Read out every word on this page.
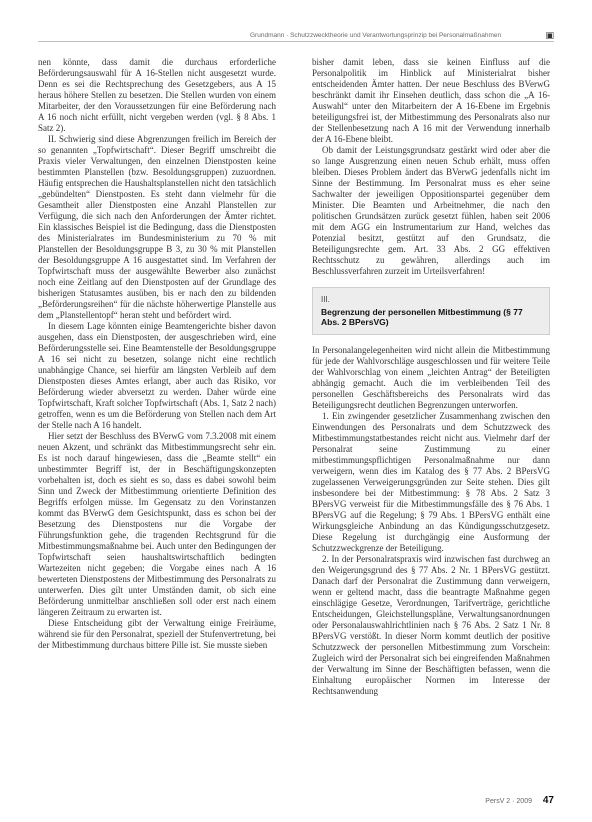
Grundmann · Schutzzwecktheorie und Verantwortungsprinzip bei Personalmaßnahmen	▣

nen könnte, dass damit die durchaus erforderliche Beförderungsauswahl für A 16-Stellen nicht ausgesetzt wurde. Denn es sei die Rechtsprechung des Gesetzgebers, aus A 15 heraus höhere Stellen zu besetzen. Die Stellen wurden von einem Mitarbeiter, der den Voraussetzungen für eine Beförderung nach A 16 noch nicht erfüllt, nicht vergeben werden (vgl. § 8 Abs. 1 Satz 2).

II. Schwierig sind diese Abgrenzungen freilich im Bereich der so genannten „Topfwirtschaft“. Dieser Begriff umschreibt die Praxis vieler Verwaltungen, den einzelnen Dienstposten keine bestimmten Planstellen (bzw. Besoldungsgruppen) zuzuordnen. Häufig entsprechen die Haushaltsplanstellen nicht den tatsächlich „gebündelten“ Dienstposten. Es steht dann vielmehr für die Gesamtheit aller Dienstposten eine Anzahl Planstellen zur Verfügung, die sich nach den Anforderungen der Ämter richtet. Ein klassisches Beispiel ist die Bedingung, dass die Dienstposten des Ministerialrates im Bundesministerium zu 70 % mit Planstellen der Besoldungsgruppe B 3, zu 30 % mit Planstellen der Besoldungsgruppe A 16 ausgestattet sind. Im Verfahren der Topfwirtschaft muss der ausgewählte Bewerber also zunächst noch eine Zeitlang auf den Dienstposten auf der Grundlage des bisherigen Statusamtes ausüben, bis er nach den zu bildenden „Beförderungsreihen“ für die nächste höherwertige Planstelle aus dem „Planstellentopf“ heran steht und befördert wird.

In diesem Lage könnten einige Beamtengerichte bisher davon ausgehen, dass ein Dienstposten, der ausgeschrieben wird, eine Beförderungsstelle sei. Eine Beamtenstelle der Besoldungsgruppe A 16 sei nicht zu besetzen, solange nicht eine rechtlich unabhängige Chance, sei hierfür am längsten Verbleib auf dem Dienstposten dieses Amtes erlangt, aber auch das Risiko, vor Beförderung wieder abversetzt zu werden. Daher würde eine Topfwirtschaft, Kraft solcher Topfwirtschaft (Abs. 1, Satz 2 nach) getroffen, wenn es um die Beförderung von Stellen nach dem Art der Stelle nach A 16 handelt.

Hier setzt der Beschluss des BVerwG vom 7.3.2008 mit einem neuen Akzent, und schränkt das Mitbestimmungsrecht sehr ein. Es ist noch darauf hingewiesen, dass die „Beamte stellt“ ein unbestimmter Begriff ist, der in Beschäftigungskonzepten vorbehalten ist, doch es sieht es so, dass es dabei sowohl beim Sinn und Zweck der Mitbestimmung orientierte Definition des Begriffs erfolgen müsse. Im Gegensatz zu den Vorinstanzen kommt das BVerwG dem Gesichtspunkt, dass es schon bei der Besetzung des Dienstpostens nur die Vorgabe der Führungsfunktion gehe, die tragenden Rechtsgrund für die Mitbestimmungsmaßnahme bei. Auch unter den Bedingungen der Topfwirtschaft seien haushaltswirtschaftlich bedingten Wartezeiten nicht gegeben; die Vorgabe eines nach A 16 bewerteten Dienstpostens der Mitbestimmung des Personalrats zu unterwerfen. Dies gilt unter Umständen damit, ob sich eine Beförderung unmittelbar anschließen soll oder erst nach einem längeren Zeitraum zu erwarten ist.

Diese Entscheidung gibt der Verwaltung einige Freiräume, während sie für den Personalrat, speziell der Stufenvertretung, bei der Mitbestimmung durchaus bittere Pille ist. Sie musste sieben

bisher damit leben, dass sie keinen Einfluss auf die Personalpolitik im Hinblick auf Ministerialrat bisher entscheidenden Ämter hatten. Der neue Beschluss des BVerwG beschränkt damit ihr Einsehen deutlich, dass schon die „A 16-Auswahl“ unter den Mitarbeitern der A 16-Ebene im Ergebnis beteiligungsfrei ist, der Mitbestimmung des Personalrats also nur der Stellenbesetzung nach A 16 mit der Verwendung innerhalb der A 16-Ebene bleibt.

Ob damit der Leistungsgrundsatz gestärkt wird oder aber die so lange Ausgrenzung einen neuen Schub erhält, muss offen bleiben. Dieses Problem ändert das BVerwG jedenfalls nicht im Sinne der Bestimmung. Im Personalrat muss es eher seine Sachwalter der jeweiligen Oppositionspartei gegenüber dem Minister. Die Beamten und Arbeitnehmer, die nach den politischen Grundsätzen zurück gesetzt fühlen, haben seit 2006 mit dem AGG ein Instrumentarium zur Hand, welches das Potenzial besitzt, gestützt auf den Grundsatz, die Beteiligungsrechte gem. Art. 33 Abs. 2 GG effektiven Rechtsschutz zu gewähren, allerdings auch im Beschlussverfahren zurzeit im Urteilsverfahren!

III.
Begrenzung der personellen Mitbestimmung (§ 77 Abs. 2 BPersVG)

In Personalangelegenheiten wird nicht allein die Mitbestimmung für jede der Wahlvorschläge ausgeschlossen und für weitere Teile der Wahlvorschlag von einem „leichten Antrag“ der Beteiligten abhängig gemacht. Auch die im verbleibenden Teil des personellen Geschäftsbereichs des Personalrats wird das Beteiligungsrecht deutlichen Begrenzungen unterworfen.

1. Ein zwingender gesetzlicher Zusammenhang zwischen den Einwendungen des Personalrats und dem Schutzzweck des Mitbestimmungstatbestandes reicht nicht aus. Vielmehr darf der Personalrat seine Zustimmung zu einer mitbestimmungspflichtigen Personalmaßnahme nur dann verweigern, wenn dies im Katalog des § 77 Abs. 2 BPersVG zugelassenen Verweigerungsgründen zur Seite stehen. Dies gilt insbesondere bei der Mitbestimmung: § 78 Abs. 2 Satz 3 BPersVG verweist für die Mitbestimmungsfälle des § 76 Abs. 1 BPersVG auf die Regelung; § 79 Abs. 1 BPersVG enthält eine Wirkungsgleiche Anbindung an das Kündigungsschutzgesetz. Diese Regelung ist durchgängig eine Ausformung der Schutzzweckgrenze der Beteiligung.

2. In der Personalratspraxis wird inzwischen fast durchweg an den Weigerungsgrund des § 77 Abs. 2 Nr. 1 BPersVG gestützt. Danach darf der Personalrat die Zustimmung dann verweigern, wenn er geltend macht, dass die beantragte Maßnahme gegen einschlägige Gesetze, Verordnungen, Tarifverträge, gerichtliche Entscheidungen, Gleichstellungspläne, Verwaltungsanordnungen oder Personalauswahlrichtlinien nach § 76 Abs. 2 Satz 1 Nr. 8 BPersVG verstößt. In dieser Norm kommt deutlich der positive Schutzzweck der personellen Mitbestimmung zum Vorschein: Zugleich wird der Personalrat sich bei eingreifenden Maßnahmen der Verwaltung im Sinne der Beschäftigten befassen, wenn die Einhaltung europäischer Normen im Interesse der Rechtsanwendung

PersV 2 · 2009 47
